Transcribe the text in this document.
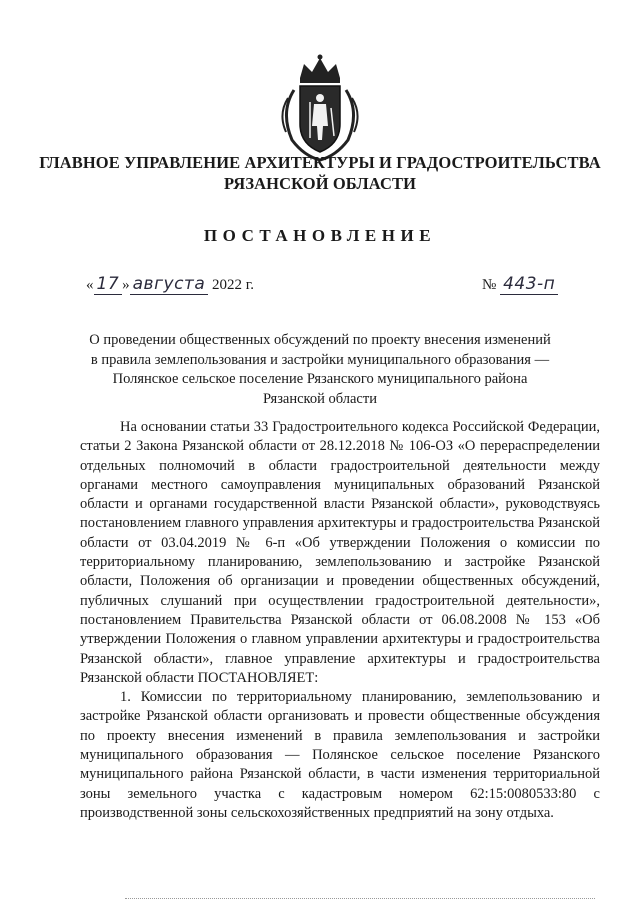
ГЛАВНОЕ УПРАВЛЕНИЕ АРХИТЕКТУРЫ И ГРАДОСТРОИТЕЛЬСТВА
РЯЗАНСКОЙ ОБЛАСТИ
ПОСТАНОВЛЕНИЕ
« 17 » августа 2022 г.	№ 443-п
О проведении общественных обсуждений по проекту внесения изменений
в правила землепользования и застройки муниципального образования —
Полянское сельское поселение Рязанского муниципального района
Рязанской области

На основании статьи 33 Градостроительного кодекса Российской Федерации, статьи 2 Закона Рязанской области от 28.12.2018 № 106-ОЗ «О перераспределении отдельных полномочий в области градостроительной деятельности между органами местного самоуправления муниципальных образований Рязанской области и органами государственной власти Рязанской области», руководствуясь постановлением главного управления архитектуры и градостроительства Рязанской области от 03.04.2019 № 6-п «Об утверждении Положения о комиссии по территориальному планированию, землепользованию и застройке Рязанской области, Положения об организации и проведении общественных обсуждений, публичных слушаний при осуществлении градостроительной деятельности», постановлением Правительства Рязанской области от 06.08.2008 № 153 «Об утверждении Положения о главном управлении архитектуры и градостроительства Рязанской области», главное управление архитектуры и градостроительства Рязанской области ПОСТАНОВЛЯЕТ:

1. Комиссии по территориальному планированию, землепользованию и застройке Рязанской области организовать и провести общественные обсуждения по проекту внесения изменений в правила землепользования и застройки муниципального образования — Полянское сельское поселение Рязанского муниципального района Рязанской области, в части изменения территориальной зоны земельного участка с кадастровым номером 62:15:0080533:80 с производственной зоны сельскохозяйственных предприятий на зону отдыха.
